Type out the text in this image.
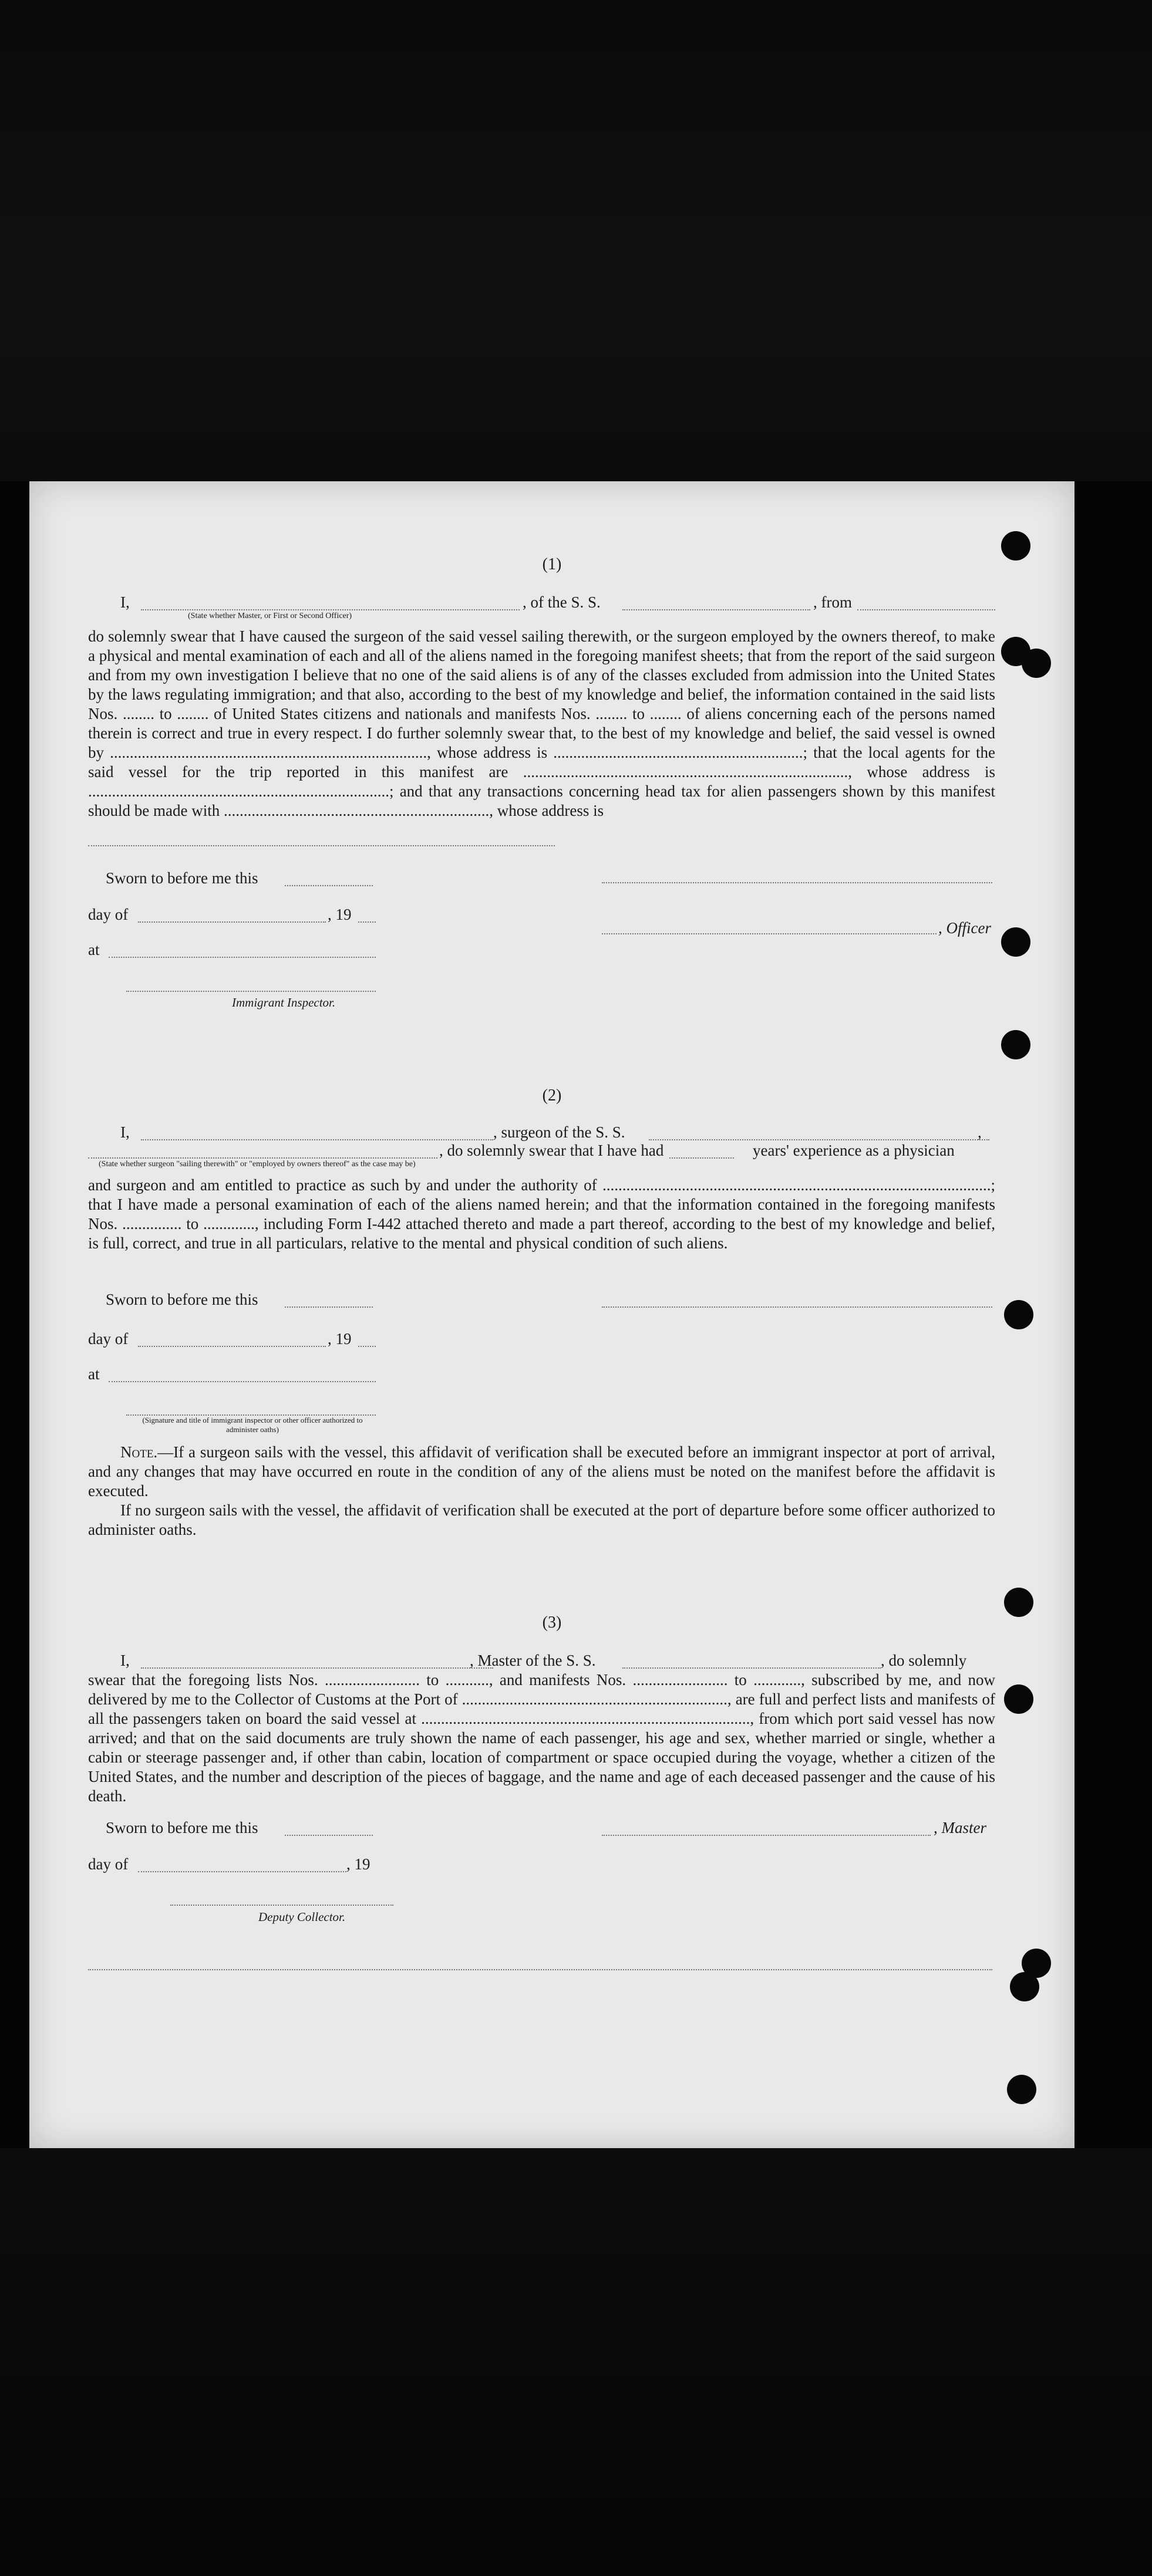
(1)
I,	, of the S. S.	, from
(State whether Master, or First or Second Officer)
do solemnly swear that I have caused the surgeon of the said vessel sailing therewith, or the surgeon employed by the owners thereof, to make a physical and mental examination of each and all of the aliens named in the foregoing manifest sheets; that from the report of the said surgeon and from my own investigation I believe that no one of the said aliens is of any of the classes excluded from admission into the United States by the laws regulating immigration; and that also, according to the best of my knowledge and belief, the information contained in the said lists Nos. ........ to ........ of United States citizens and nationals and manifests Nos. ........ to ........ of aliens concerning each of the persons named therein is correct and true in every respect. I do further solemnly swear that, to the best of my knowledge and belief, the said vessel is owned by ................................................................................, whose address is ...............................................................; that the local agents for the said vessel for the trip reported in this manifest are .................................................................................., whose address is ............................................................................; and that any transactions concerning head tax for alien passengers shown by this manifest should be made with ..................................................................., whose address is
Sworn to before me this
day of	, 19
, Officer
at
Immigrant Inspector.
(2)
I,	, surgeon of the S. S.	,
, do solemnly swear that I have had	years' experience as a physician
(State whether surgeon "sailing therewith" or "employed by owners thereof" as the case may be)
and surgeon and am entitled to practice as such by and under the authority of ..................................................................................................; that I have made a personal examination of each of the aliens named herein; and that the information contained in the foregoing manifests Nos. ............... to ............., including Form I-442 attached thereto and made a part thereof, according to the best of my knowledge and belief, is full, correct, and true in all particulars, relative to the mental and physical condition of such aliens.
Sworn to before me this
day of	, 19
at
(Signature and title of immigrant inspector or other officer authorized to administer oaths)
Note.—If a surgeon sails with the vessel, this affidavit of verification shall be executed before an immigrant inspector at port of arrival, and any changes that may have occurred en route in the condition of any of the aliens must be noted on the manifest before the affidavit is executed.
If no surgeon sails with the vessel, the affidavit of verification shall be executed at the port of departure before some officer authorized to administer oaths.
(3)
I,	, Master of the S. S.	, do solemnly
swear that the foregoing lists Nos. ........................ to ..........., and manifests Nos. ........................ to ............, subscribed by me, and now delivered by me to the Collector of Customs at the Port of ..................................................................., are full and perfect lists and manifests of all the passengers taken on board the said vessel at ..................................................................................., from which port said vessel has now arrived; and that on the said documents are truly shown the name of each passenger, his age and sex, whether married or single, whether a cabin or steerage passenger and, if other than cabin, location of compartment or space occupied during the voyage, whether a citizen of the United States, and the number and description of the pieces of baggage, and the name and age of each deceased passenger and the cause of his death.
Sworn to before me this	, Master
day of	, 19
Deputy Collector.
